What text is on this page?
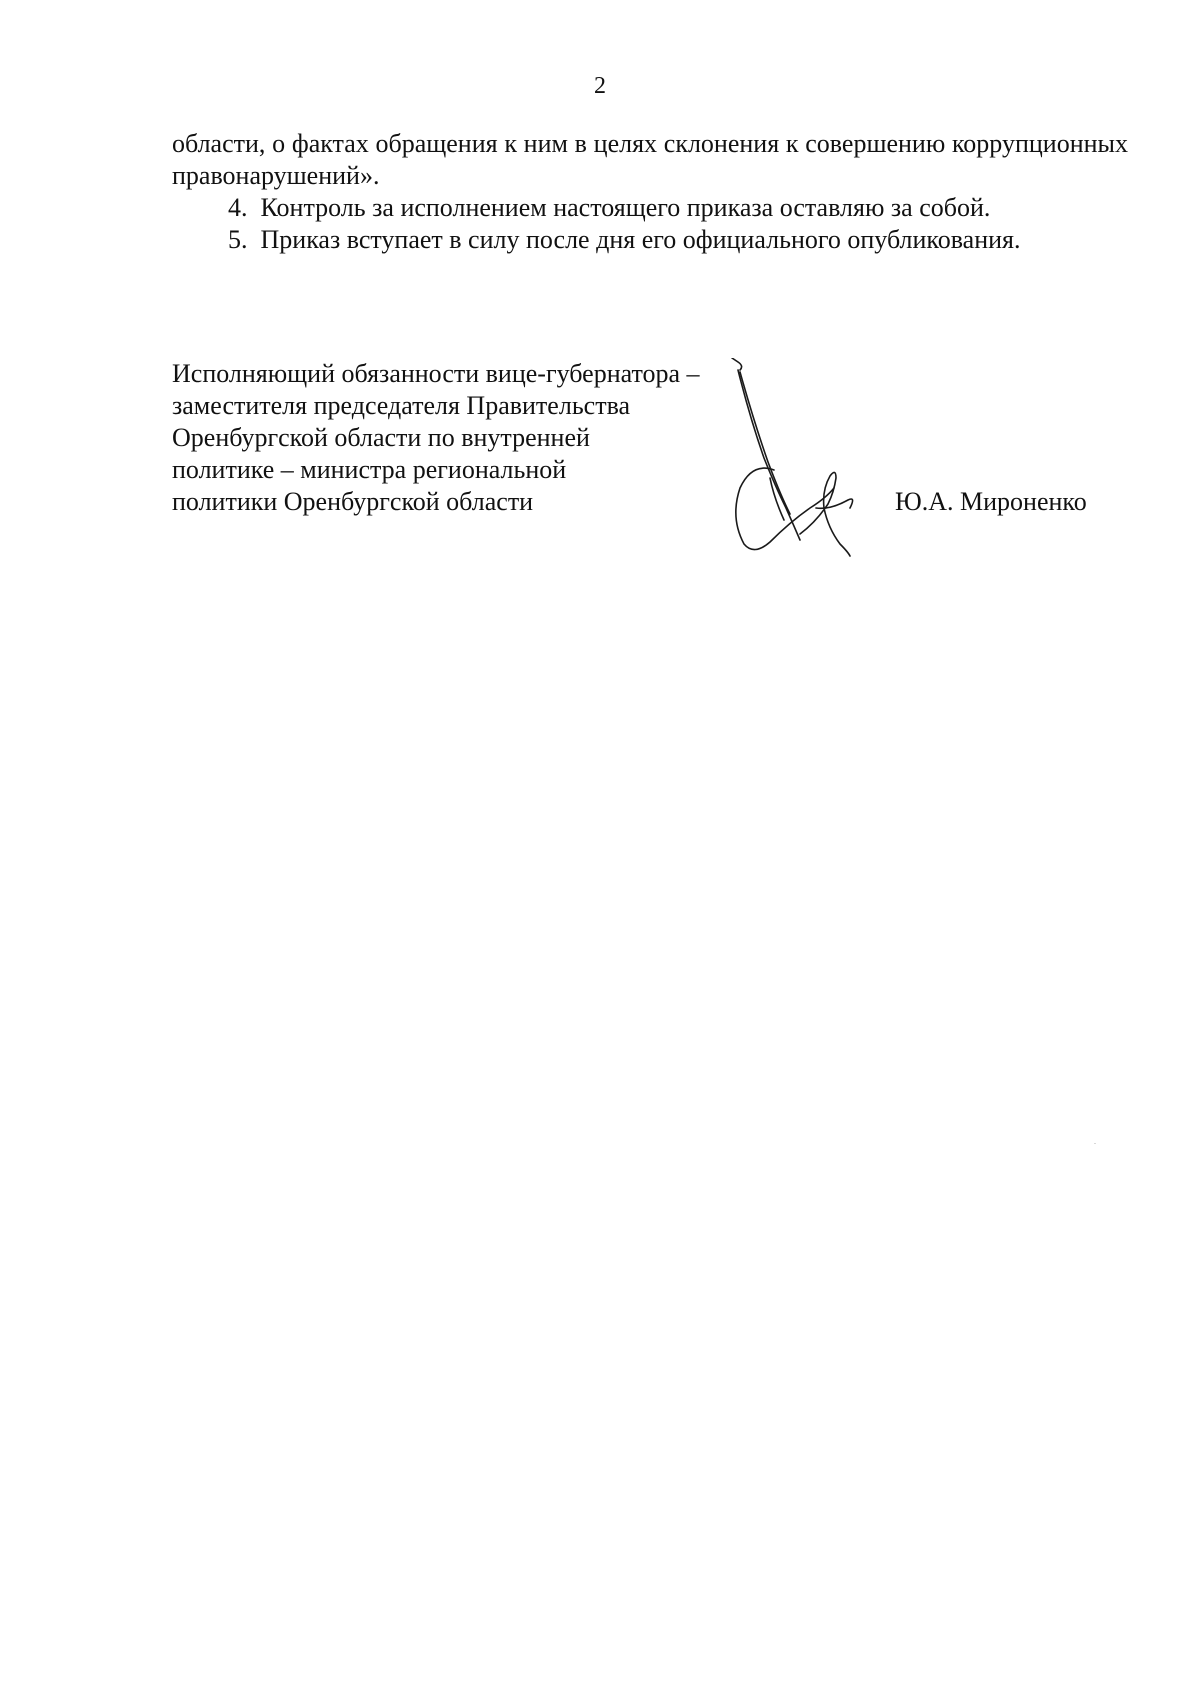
2

области, о фактах обращения к ним в целях склонения к совершению коррупционных правонарушений».

4. Контроль за исполнением настоящего приказа оставляю за собой.

5. Приказ вступает в силу после дня его официального опубликования.

Исполняющий обязанности вице-губернатора –
заместителя председателя Правительства
Оренбургской области по внутренней
политике – министра региональной
политики Оренбургской области	Ю.А. Мироненко
